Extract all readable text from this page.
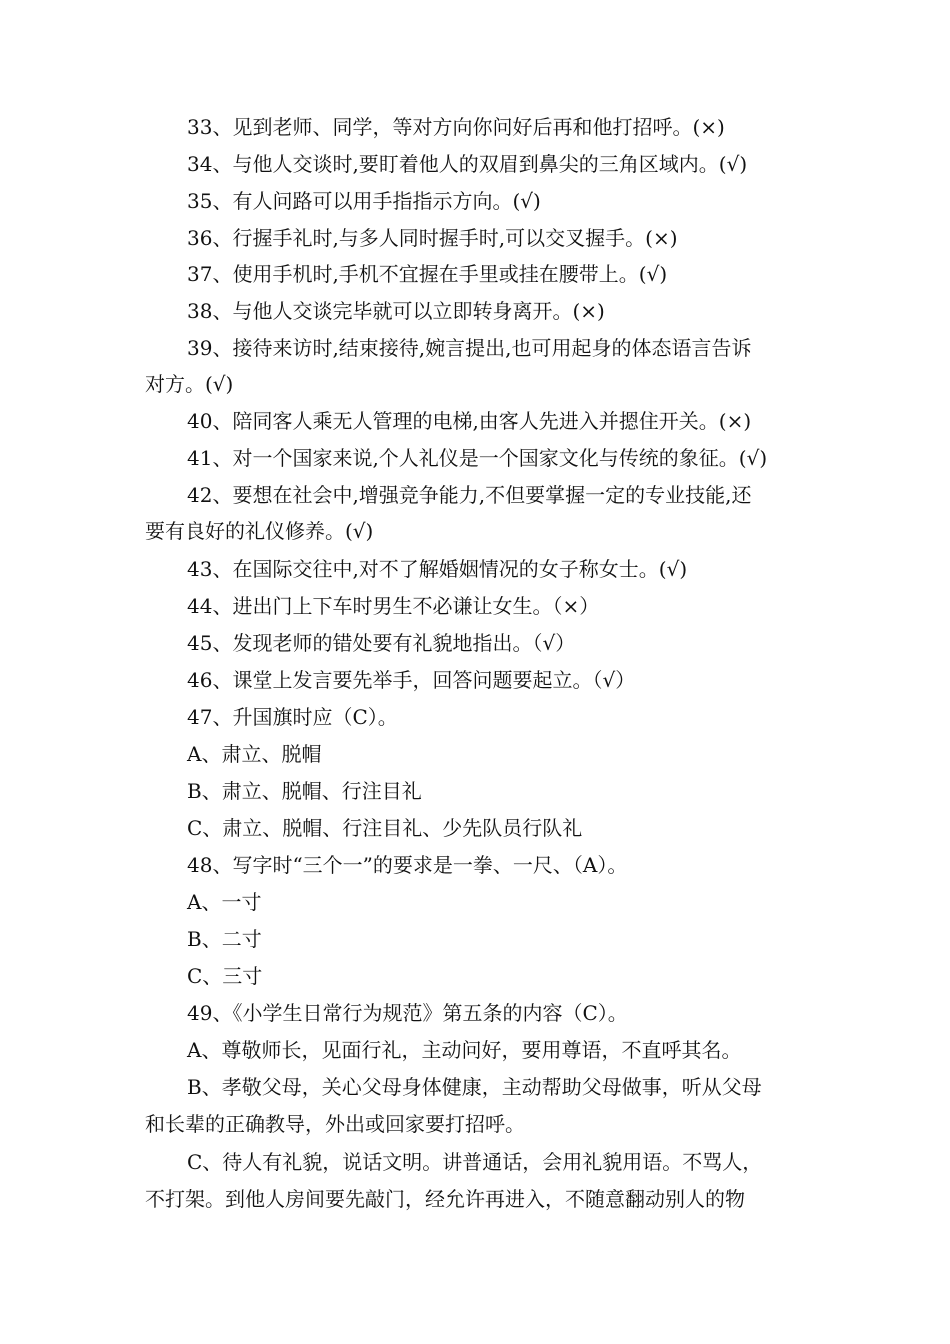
33、见到老师、同学，等对方向你问好后再和他打招呼。(×)
34、与他人交谈时,要盯着他人的双眉到鼻尖的三角区域内。(√)
35、有人问路可以用手指指示方向。(√)
36、行握手礼时,与多人同时握手时,可以交叉握手。(×)
37、使用手机时,手机不宜握在手里或挂在腰带上。(√)
38、与他人交谈完毕就可以立即转身离开。(×)
39、接待来访时,结束接待,婉言提出,也可用起身的体态语言告诉
对方。(√)
40、陪同客人乘无人管理的电梯,由客人先进入并摁住开关。(×)
41、对一个国家来说,个人礼仪是一个国家文化与传统的象征。(√)
42、要想在社会中,增强竞争能力,不但要掌握一定的专业技能,还
要有良好的礼仪修养。(√)
43、在国际交往中,对不了解婚姻情况的女子称女士。(√)
44、进出门上下车时男生不必谦让女生。（×）
45、发现老师的错处要有礼貌地指出。（√）
46、课堂上发言要先举手，回答问题要起立。（√）
47、升国旗时应（C）。
A、肃立、脱帽
B、肃立、脱帽、行注目礼
C、肃立、脱帽、行注目礼、少先队员行队礼
48、写字时“三个一”的要求是一拳、一尺、（A）。
A、一寸
B、二寸
C、三寸
49、《小学生日常行为规范》第五条的内容（C）。
A、尊敬师长，见面行礼，主动问好，要用尊语，不直呼其名。
B、孝敬父母，关心父母身体健康，主动帮助父母做事，听从父母
和长辈的正确教导，外出或回家要打招呼。
C、待人有礼貌，说话文明。讲普通话，会用礼貌用语。不骂人，
不打架。到他人房间要先敲门，经允许再进入，不随意翻动别人的物
